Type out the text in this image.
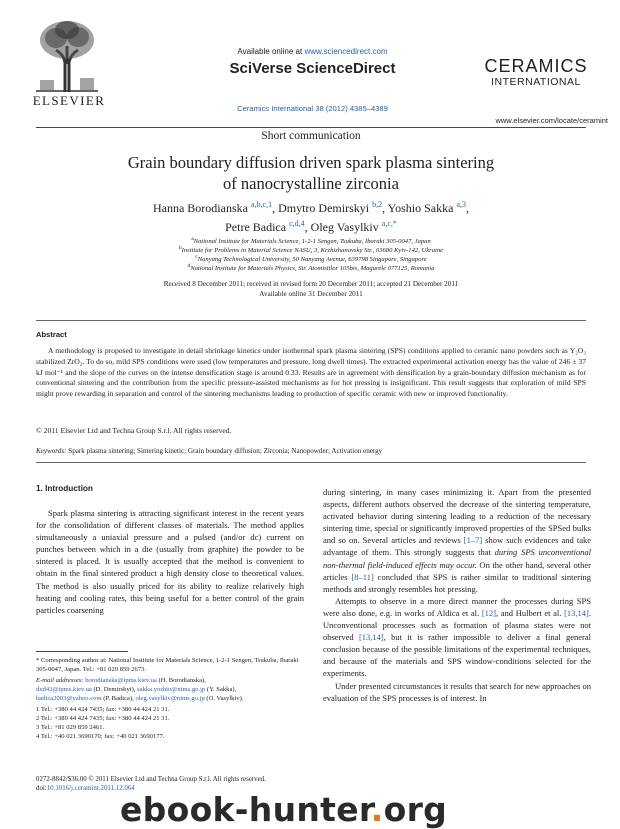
ELSEVIER
Available online at www.sciencedirect.com
SciVerse ScienceDirect
Ceramics International 38 (2012) 4385–4389
CERAMICS
INTERNATIONAL
www.elsevier.com/locate/ceramint
Short communication
Grain boundary diffusion driven spark plasma sintering
of nanocrystalline zirconia
Hanna Borodianska $^{a,b,c,1}$, Dmytro Demirskyi $^{b,2}$, Yoshio Sakka $^{a,3}$,
Petre Badica $^{c,d,4}$, Oleg Vasylkiv $^{a,c,*}$
$^a$National Institute for Materials Science, 1-2-1 Sengen, Tsukuba, Ibaraki 305-0047, Japan
$^b$Institute for Problems in Material Science NASU, 3, Krzhizhanovsky Str., 03680 Kyiv-142, Ukraine
$^c$Nanyang Technological University, 50 Nanyang Avenue, 639798 Singapore, Singapore
$^d$National Institute for Materials Physics, Str. Atomistilor 105bis, Magurele 077125, Romania
Received 8 December 2011; received in revised form 20 December 2011; accepted 21 December 2011
Available online 31 December 2011
Abstract
A methodology is proposed to investigate in detail shrinkage kinetics under isothermal spark plasma sintering (SPS) conditions applied to ceramic nano powders such as Y₂O₃ stabilized ZrO₂. To do so, mild SPS conditions were used (low temperatures and pressure, long dwell times). The extracted experimental activation energy has the value of 246 ± 37 kJ mol⁻¹ and the slope of the curves on the intense densification stage is around 0.33. Results are in agreement with densification by a grain-boundary diffusion mechanism as for conventional sintering and the contribution from the specific pressure-assisted mechanisms as for hot pressing is insignificant. This result suggests that exploration of mild SPS might prove rewarding in separation and control of the sintering mechanisms leading to production of specific ceramic with new or improved functionality.
© 2011 Elsevier Ltd and Techna Group S.r.l. All rights reserved.
Keywords: Spark plasma sintering; Sintering kinetic; Grain boundary diffusion; Zirconia; Nanopowder; Activation energy
1. Introduction
Spark plasma sintering is attracting significant interest in the recent years for the consolidation of different classes of materials. The method applies simultaneously a uniaxial pressure and a pulsed (and/or dc) current on punches between which in a die (usually from graphite) the powder to be sintered is placed. It is usually accepted that the method is convenient to obtain in the final sintered product a high density close to theoretical values. The method is also usually priced for its ability to realize relatively high heating and cooling rates, this being useful for a better control of the grain particles coarsening

during sintering, in many cases minimizing it. Apart from the presented aspects, different authors observed the decrease of the sintering temperature, activated behavior during sintering leading to a reduction of the necessary sintering time, special or significantly improved properties of the SPSed bulks and so on. Several articles and reviews [1–7] show such evidences and take advantage of them. This strongly suggests that during SPS unconventional non-thermal field-induced effects may occur. On the other hand, several other articles [8–11] concluded that SPS is rather similar to traditional sintering methods and strongly resembles hot pressing.

Attempts to observe in a more direct manner the processes during SPS were also done, e.g. in works of Aldica et al. [12], and Hulbert et al. [13,14]. Unconventional processes such as formation of plasma states were not observed [13,14], but it is rather impossible to deliver a final general conclusion because of the possible limitations of the experimental techniques, and because of the materials and SPS window-conditions selected for the experiments.

Under presented circumstances it results that search for new approaches on evaluation of the SPS processes is of interest. In

* Corresponding author at: National Institute for Materials Science, 1-2-1 Sengen, Tsukuba, Ibaraki 305-0047, Japan. Tel.: +81 029 859 2673.
E-mail addresses: borodianska@ipms.kiev.ua (H. Borodianska),
dxd43@ipms.kiev.ua (D. Demirskyi), sakka.yoshio@nims.go.jp (Y. Sakka),
badica2003@yahoo.com (P. Badica), oleg.vasylkiv@nims.go.jp (O. Vasylkiv).
1 Tel.: +380 44 424 7435; fax: +380 44 424 21 31.
2 Tel.: +380 44 424 7435; fax: +380 44 424 21 31.
3 Tel.: +81 029 859 2461.
4 Tel.: +40 021 3690170; fax: +40 021 3690177.
0272-8842/$36.00 © 2011 Elsevier Ltd and Techna Group S.r.l. All rights reserved.
doi:10.1016/j.ceramint.2011.12.064
ebook-hunter.org
